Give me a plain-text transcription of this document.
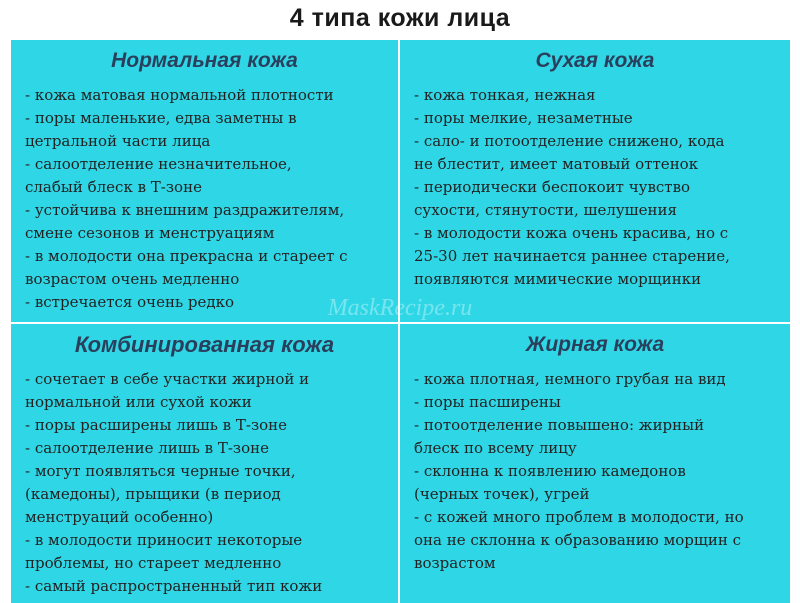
4 типа кожи лица
Нормальная кожа
- кожа матовая нормальной плотности
- поры маленькие, едва заметны в
цетральной части лица
- салоотделение незначительное,
слабый блеск в Т-зоне
- устойчива к внешним раздражителям,
смене сезонов и менструациям
- в молодости она прекрасна и стареет с
возрастом очень медленно
- встречается очень редко
Сухая кожа
- кожа тонкая, нежная
- поры мелкие, незаметные
- сало- и потоотделение снижено, кода
не блестит, имеет матовый оттенок
- периодически беспокоит чувство
сухости, стянутости, шелушения
- в молодости кожа очень красива, но с
25-30 лет начинается раннее старение,
появляются мимические морщинки
Комбинированная кожа
- сочетает в себе участки жирной и
нормальной или сухой кожи
- поры расширены лишь в Т-зоне
- салоотделение лишь в Т-зоне
- могут появляться черные точки,
(камедоны), прыщики (в период
менструаций особенно)
- в молодости приносит некоторые
проблемы, но стареет медленно
- самый распространенный тип кожи
Жирная кожа
- кожа плотная, немного грубая на вид
- поры пасширены
- потоотделение повышено: жирный
блеск по всему лицу
- склонна к появлению камедонов
(черных точек), угрей
- с кожей много проблем в молодости, но
она не склонна к образованию морщин с
возрастом
MaskRecipe.ru
